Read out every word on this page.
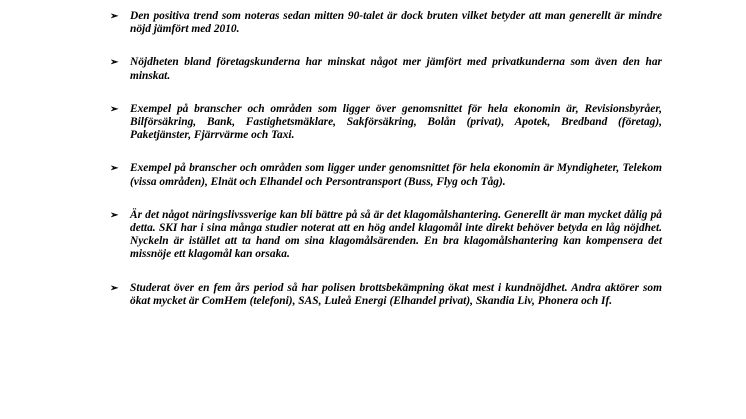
➢ Den positiva trend som noteras sedan mitten 90-talet är dock bruten vilket betyder att man generellt är mindre nöjd jämfört med 2010.
➢ Nöjdheten bland företagskunderna har minskat något mer jämfört med privatkunderna som även den har minskat.
➢ Exempel på branscher och områden som ligger över genomsnittet för hela ekonomin är, Revisionsbyråer, Bilförsäkring, Bank, Fastighetsmäklare, Sakförsäkring, Bolån (privat), Apotek, Bredband (företag), Paketjänster, Fjärrvärme och Taxi.
➢ Exempel på branscher och områden som ligger under genomsnittet för hela ekonomin är Myndigheter, Telekom (vissa områden), Elnät och Elhandel och Persontransport (Buss, Flyg och Tåg).
➢ Är det något näringslivssverige kan bli bättre på så är det klagomålshantering. Generellt är man mycket dålig på detta. SKI har i sina många studier noterat att en hög andel klagomål inte direkt behöver betyda en låg nöjdhet. Nyckeln är istället att ta hand om sina klagomålsärenden. En bra klagomålshantering kan kompensera det missnöje ett klagomål kan orsaka.
➢ Studerat över en fem års period så har polisen brottsbekämpning ökat mest i kundnöjdhet. Andra aktörer som ökat mycket är ComHem (telefoni), SAS, Luleå Energi (Elhandel privat), Skandia Liv, Phonera och If.
